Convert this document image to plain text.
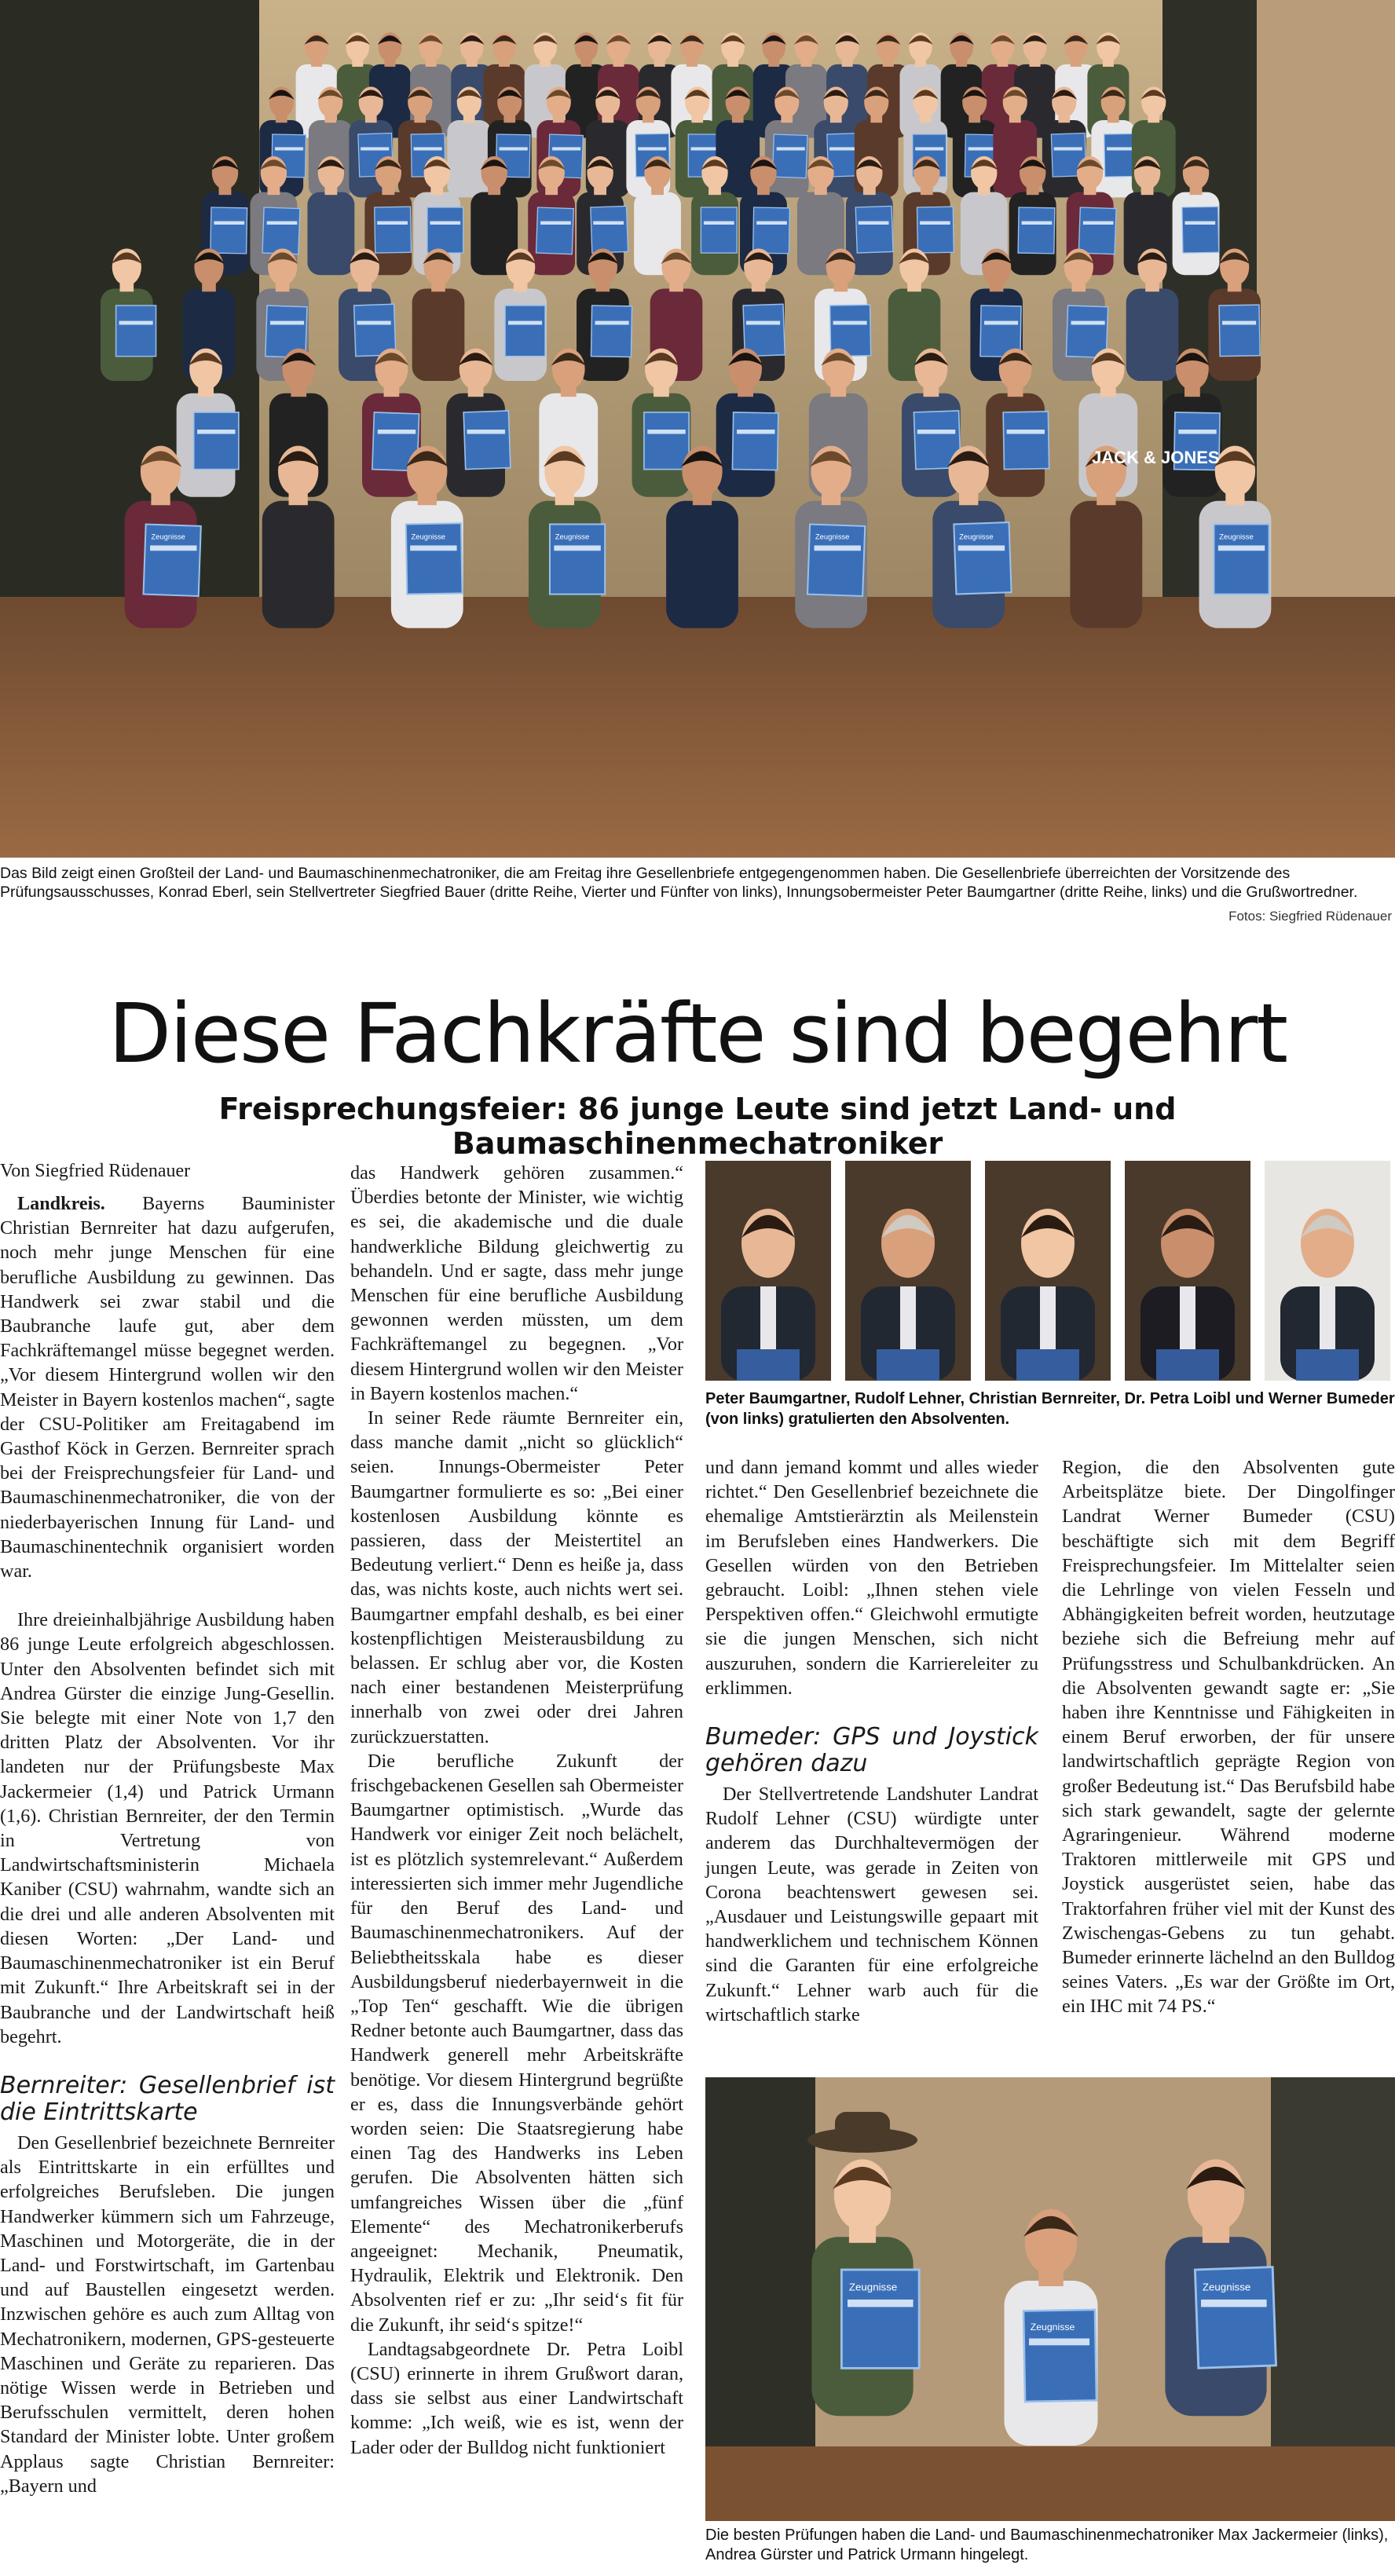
Zeugnisse	Zeugnisse	Zeugnisse	Zeugnisse	Zeugnisse	Zeugnisse
JACK & JONES
Das Bild zeigt einen Großteil der Land- und Baumaschinenmechatroniker, die am Freitag ihre Gesellenbriefe entgegengenommen haben. Die Gesellenbriefe überreichten der Vorsitzende des Prüfungsausschusses, Konrad Eberl, sein Stellvertreter Siegfried Bauer (dritte Reihe, Vierter und Fünfter von links), Innungsobermeister Peter Baumgartner (dritte Reihe, links) und die Grußwortredner.
Fotos: Siegfried Rüdenauer
Diese Fachkräfte sind begehrt
Freisprechungsfeier: 86 junge Leute sind jetzt Land- und Baumaschinenmechatroniker
Von Siegfried Rüdenauer

Landkreis. Bayerns Bauminister Christian Bernreiter hat dazu aufgerufen, noch mehr junge Menschen für eine berufliche Ausbildung zu gewinnen. Das Handwerk sei zwar stabil und die Baubranche laufe gut, aber dem Fachkräftemangel müsse begegnet werden. „Vor diesem Hintergrund wollen wir den Meister in Bayern kostenlos machen“, sagte der CSU-Politiker am Freitagabend im Gasthof Köck in Gerzen. Bernreiter sprach bei der Freisprechungsfeier für Land- und Baumaschinenmechatroniker, die von der niederbayerischen Innung für Land- und Baumaschinentechnik organisiert worden war.

Ihre dreieinhalbjährige Ausbildung haben 86 junge Leute erfolgreich abgeschlossen. Unter den Absolventen befindet sich mit Andrea Gürster die einzige Jung-Gesellin. Sie belegte mit einer Note von 1,7 den dritten Platz der Absolventen. Vor ihr landeten nur der Prüfungsbeste Max Jackermeier (1,4) und Patrick Urmann (1,6). Christian Bernreiter, der den Termin in Vertretung von Landwirtschaftsministerin Michaela Kaniber (CSU) wahrnahm, wandte sich an die drei und alle anderen Absolventen mit diesen Worten: „Der Land- und Baumaschinenmechatroniker ist ein Beruf mit Zukunft.“ Ihre Arbeitskraft sei in der Baubranche und der Landwirtschaft heiß begehrt.

Bernreiter: Gesellenbrief ist die Eintrittskarte

Den Gesellenbrief bezeichnete Bernreiter als Eintrittskarte in ein erfülltes und erfolgreiches Berufsleben. Die jungen Handwerker kümmern sich um Fahrzeuge, Maschinen und Motorgeräte, die in der Land- und Forstwirtschaft, im Gartenbau und auf Baustellen eingesetzt werden. Inzwischen gehöre es auch zum Alltag von Mechatronikern, modernen, GPS-gesteuerte Maschinen und Geräte zu reparieren. Das nötige Wissen werde in Betrieben und Berufsschulen vermittelt, deren hohen Standard der Minister lobte. Unter großem Applaus sagte Christian Bernreiter: „Bayern und

das Handwerk gehören zusammen.“ Überdies betonte der Minister, wie wichtig es sei, die akademische und die duale handwerkliche Bildung gleichwertig zu behandeln. Und er sagte, dass mehr junge Menschen für eine berufliche Ausbildung gewonnen werden müssten, um dem Fachkräftemangel zu begegnen. „Vor diesem Hintergrund wollen wir den Meister in Bayern kostenlos machen.“

In seiner Rede räumte Bernreiter ein, dass manche damit „nicht so glücklich“ seien. Innungs-Obermeister Peter Baumgartner formulierte es so: „Bei einer kostenlosen Ausbildung könnte es passieren, dass der Meistertitel an Bedeutung verliert.“ Denn es heiße ja, dass das, was nichts koste, auch nichts wert sei. Baumgartner empfahl deshalb, es bei einer kostenpflichtigen Meisterausbildung zu belassen. Er schlug aber vor, die Kosten nach einer bestandenen Meisterprüfung innerhalb von zwei oder drei Jahren zurückzuerstatten.

Die berufliche Zukunft der frischgebackenen Gesellen sah Obermeister Baumgartner optimistisch. „Wurde das Handwerk vor einiger Zeit noch belächelt, ist es plötzlich systemrelevant.“ Außerdem interessierten sich immer mehr Jugendliche für den Beruf des Land- und Baumaschinenmechatronikers. Auf der Beliebtheitsskala habe es dieser Ausbildungsberuf niederbayernweit in die „Top Ten“ geschafft. Wie die übrigen Redner betonte auch Baumgartner, dass das Handwerk generell mehr Arbeitskräfte benötige. Vor diesem Hintergrund begrüßte er es, dass die Innungsverbände gehört worden seien: Die Staatsregierung habe einen Tag des Handwerks ins Leben gerufen. Die Absolventen hätten sich umfangreiches Wissen über die „fünf Elemente“ des Mechatronikerberufs angeeignet: Mechanik, Pneumatik, Hydraulik, Elektrik und Elektronik. Den Absolventen rief er zu: „Ihr seid‘s fit für die Zukunft, ihr seid‘s spitze!“

Landtagsabgeordnete Dr. Petra Loibl (CSU) erinnerte in ihrem Grußwort daran, dass sie selbst aus einer Landwirtschaft komme: „Ich weiß, wie es ist, wenn der Lader oder der Bulldog nicht funktioniert

Peter Baumgartner, Rudolf Lehner, Christian Bernreiter, Dr. Petra Loibl und Werner Bumeder (von links) gratulierten den Absolventen.

und dann jemand kommt und alles wieder richtet.“ Den Gesellenbrief bezeichnete die ehemalige Amtstierärztin als Meilenstein im Berufsleben eines Handwerkers. Die Gesellen würden von den Betrieben gebraucht. Loibl: „Ihnen stehen viele Perspektiven offen.“ Gleichwohl ermutigte sie die jungen Menschen, sich nicht auszuruhen, sondern die Karriereleiter zu erklimmen.

Bumeder: GPS und Joystick gehören dazu

Der Stellvertretende Landshuter Landrat Rudolf Lehner (CSU) würdigte unter anderem das Durchhaltevermögen der jungen Leute, was gerade in Zeiten von Corona beachtenswert gewesen sei. „Ausdauer und Leistungswille gepaart mit handwerklichem und technischem Können sind die Garanten für eine erfolgreiche Zukunft.“ Lehner warb auch für die wirtschaftlich starke

Region, die den Absolventen gute Arbeitsplätze biete. Der Dingolfinger Landrat Werner Bumeder (CSU) beschäftigte sich mit dem Begriff Freisprechungsfeier. Im Mittelalter seien die Lehrlinge von vielen Fesseln und Abhängigkeiten befreit worden, heutzutage beziehe sich die Befreiung mehr auf Prüfungsstress und Schulbankdrücken. An die Absolventen gewandt sagte er: „Sie haben ihre Kenntnisse und Fähigkeiten in einem Beruf erworben, der für unsere landwirtschaftlich geprägte Region von großer Bedeutung ist.“ Das Berufsbild habe sich stark gewandelt, sagte der gelernte Agraringenieur. Während moderne Traktoren mittlerweile mit GPS und Joystick ausgerüstet seien, habe das Traktorfahren früher viel mit der Kunst des Zwischengas-Gebens zu tun gehabt. Bumeder erinnerte lächelnd an den Bulldog seines Vaters. „Es war der Größte im Ort, ein IHC mit 74 PS.“

Zeugnisse
Zeugnisse
Zeugnisse
Die besten Prüfungen haben die Land- und Baumaschinenmechatroniker Max Jackermeier (links), Andrea Gürster und Patrick Urmann hingelegt.
